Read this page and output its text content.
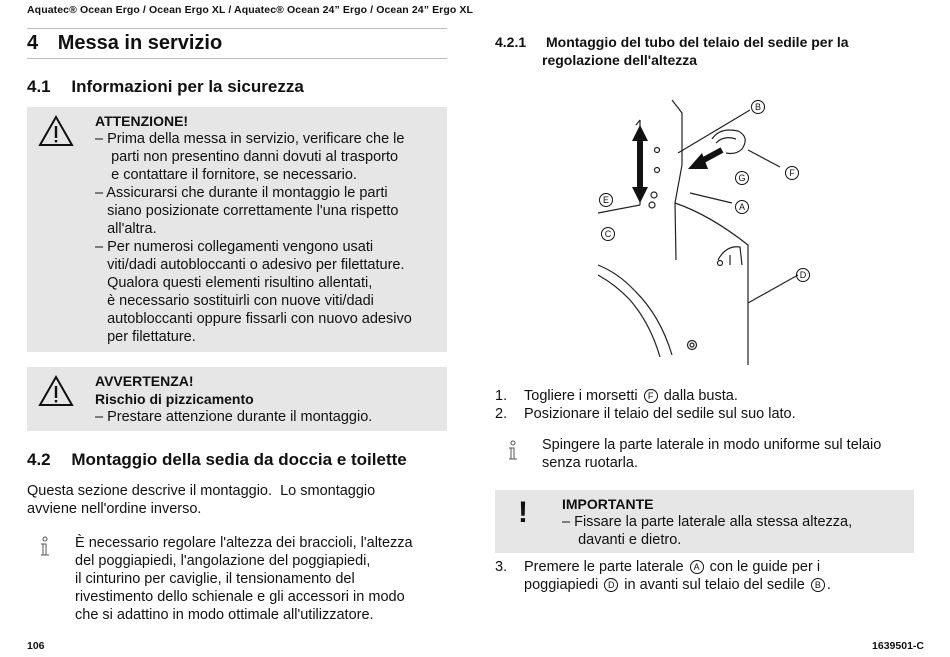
Aquatec® Ocean Ergo / Ocean Ergo XL / Aquatec® Ocean 24” Ergo / Ocean 24” Ergo XL
4 Messa in servizio
4.1 Informazioni per la sicurezza
ATTENZIONE!
– Prima della messa in servizio, verificare che le
parti non presentino danni dovuti al trasporto
e contattare il fornitore, se necessario.
– Assicurarsi che durante il montaggio le parti
siano posizionate correttamente l'una rispetto
all'altra.
– Per numerosi collegamenti vengono usati
viti/dadi autobloccanti o adesivo per filettature.
Qualora questi elementi risultino allentati,
è necessario sostituirli con nuove viti/dadi
autobloccanti oppure fissarli con nuovo adesivo
per filettature.
AVVERTENZA!
Rischio di pizzicamento
– Prestare attenzione durante il montaggio.
4.2 Montaggio della sedia da doccia e toilette
Questa sezione descrive il montaggio.  Lo smontaggio
avviene nell'ordine inverso.
È necessario regolare l'altezza dei braccioli, l'altezza
del poggiapiedi, l'angolazione del poggiapiedi,
il cinturino per caviglie, il tensionamento del
rivestimento dello schienale e gli accessori in modo
che si adattino in modo ottimale all'utilizzatore.
4.2.1 Montaggio del tubo del telaio del sedile per la
regolazione dell'altezza
B
F
G
E
A
C
D
1. Togliere i morsetti F dalla busta.
2. Posizionare il telaio del sedile sul suo lato.
Spingere la parte laterale in modo uniforme sul telaio
senza ruotarla.
! IMPORTANTE
– Fissare la parte laterale alla stessa altezza,
davanti e dietro.
3. Premere le parte laterale A con le guide per i
poggiapiedi D in avanti sul telaio del sedile B .
106	1639501-C
